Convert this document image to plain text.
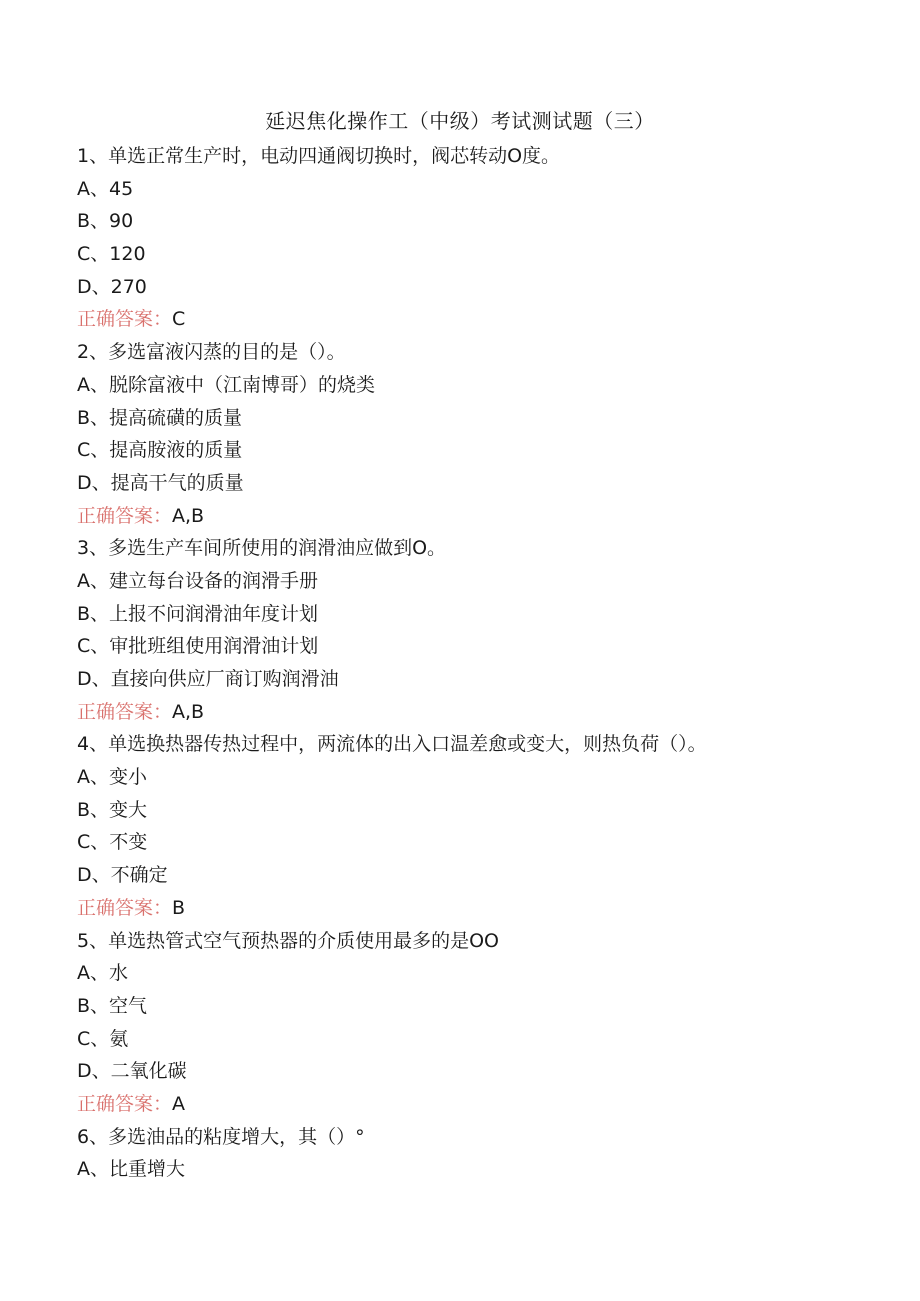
延迟焦化操作工（中级）考试测试题（三）
1、单选正常生产时，电动四通阀切换时，阀芯转动O度。
A、45
B、90
C、120
D、270
正确答案：C
2、多选富液闪蒸的目的是（）。
A、脱除富液中（江南博哥）的烧类
B、提高硫磺的质量
C、提高胺液的质量
D、提高干气的质量
正确答案：A,B
3、多选生产车间所使用的润滑油应做到O。
A、建立每台设备的润滑手册
B、上报不问润滑油年度计划
C、审批班组使用润滑油计划
D、直接向供应厂商订购润滑油
正确答案：A,B
4、单选换热器传热过程中，两流体的出入口温差愈或变大，则热负荷（）。
A、变小
B、变大
C、不变
D、不确定
正确答案：B
5、单选热管式空气预热器的介质使用最多的是OO
A、水
B、空气
C、氨
D、二氧化碳
正确答案：A
6、多选油品的粘度增大，其（）°
A、比重增大
